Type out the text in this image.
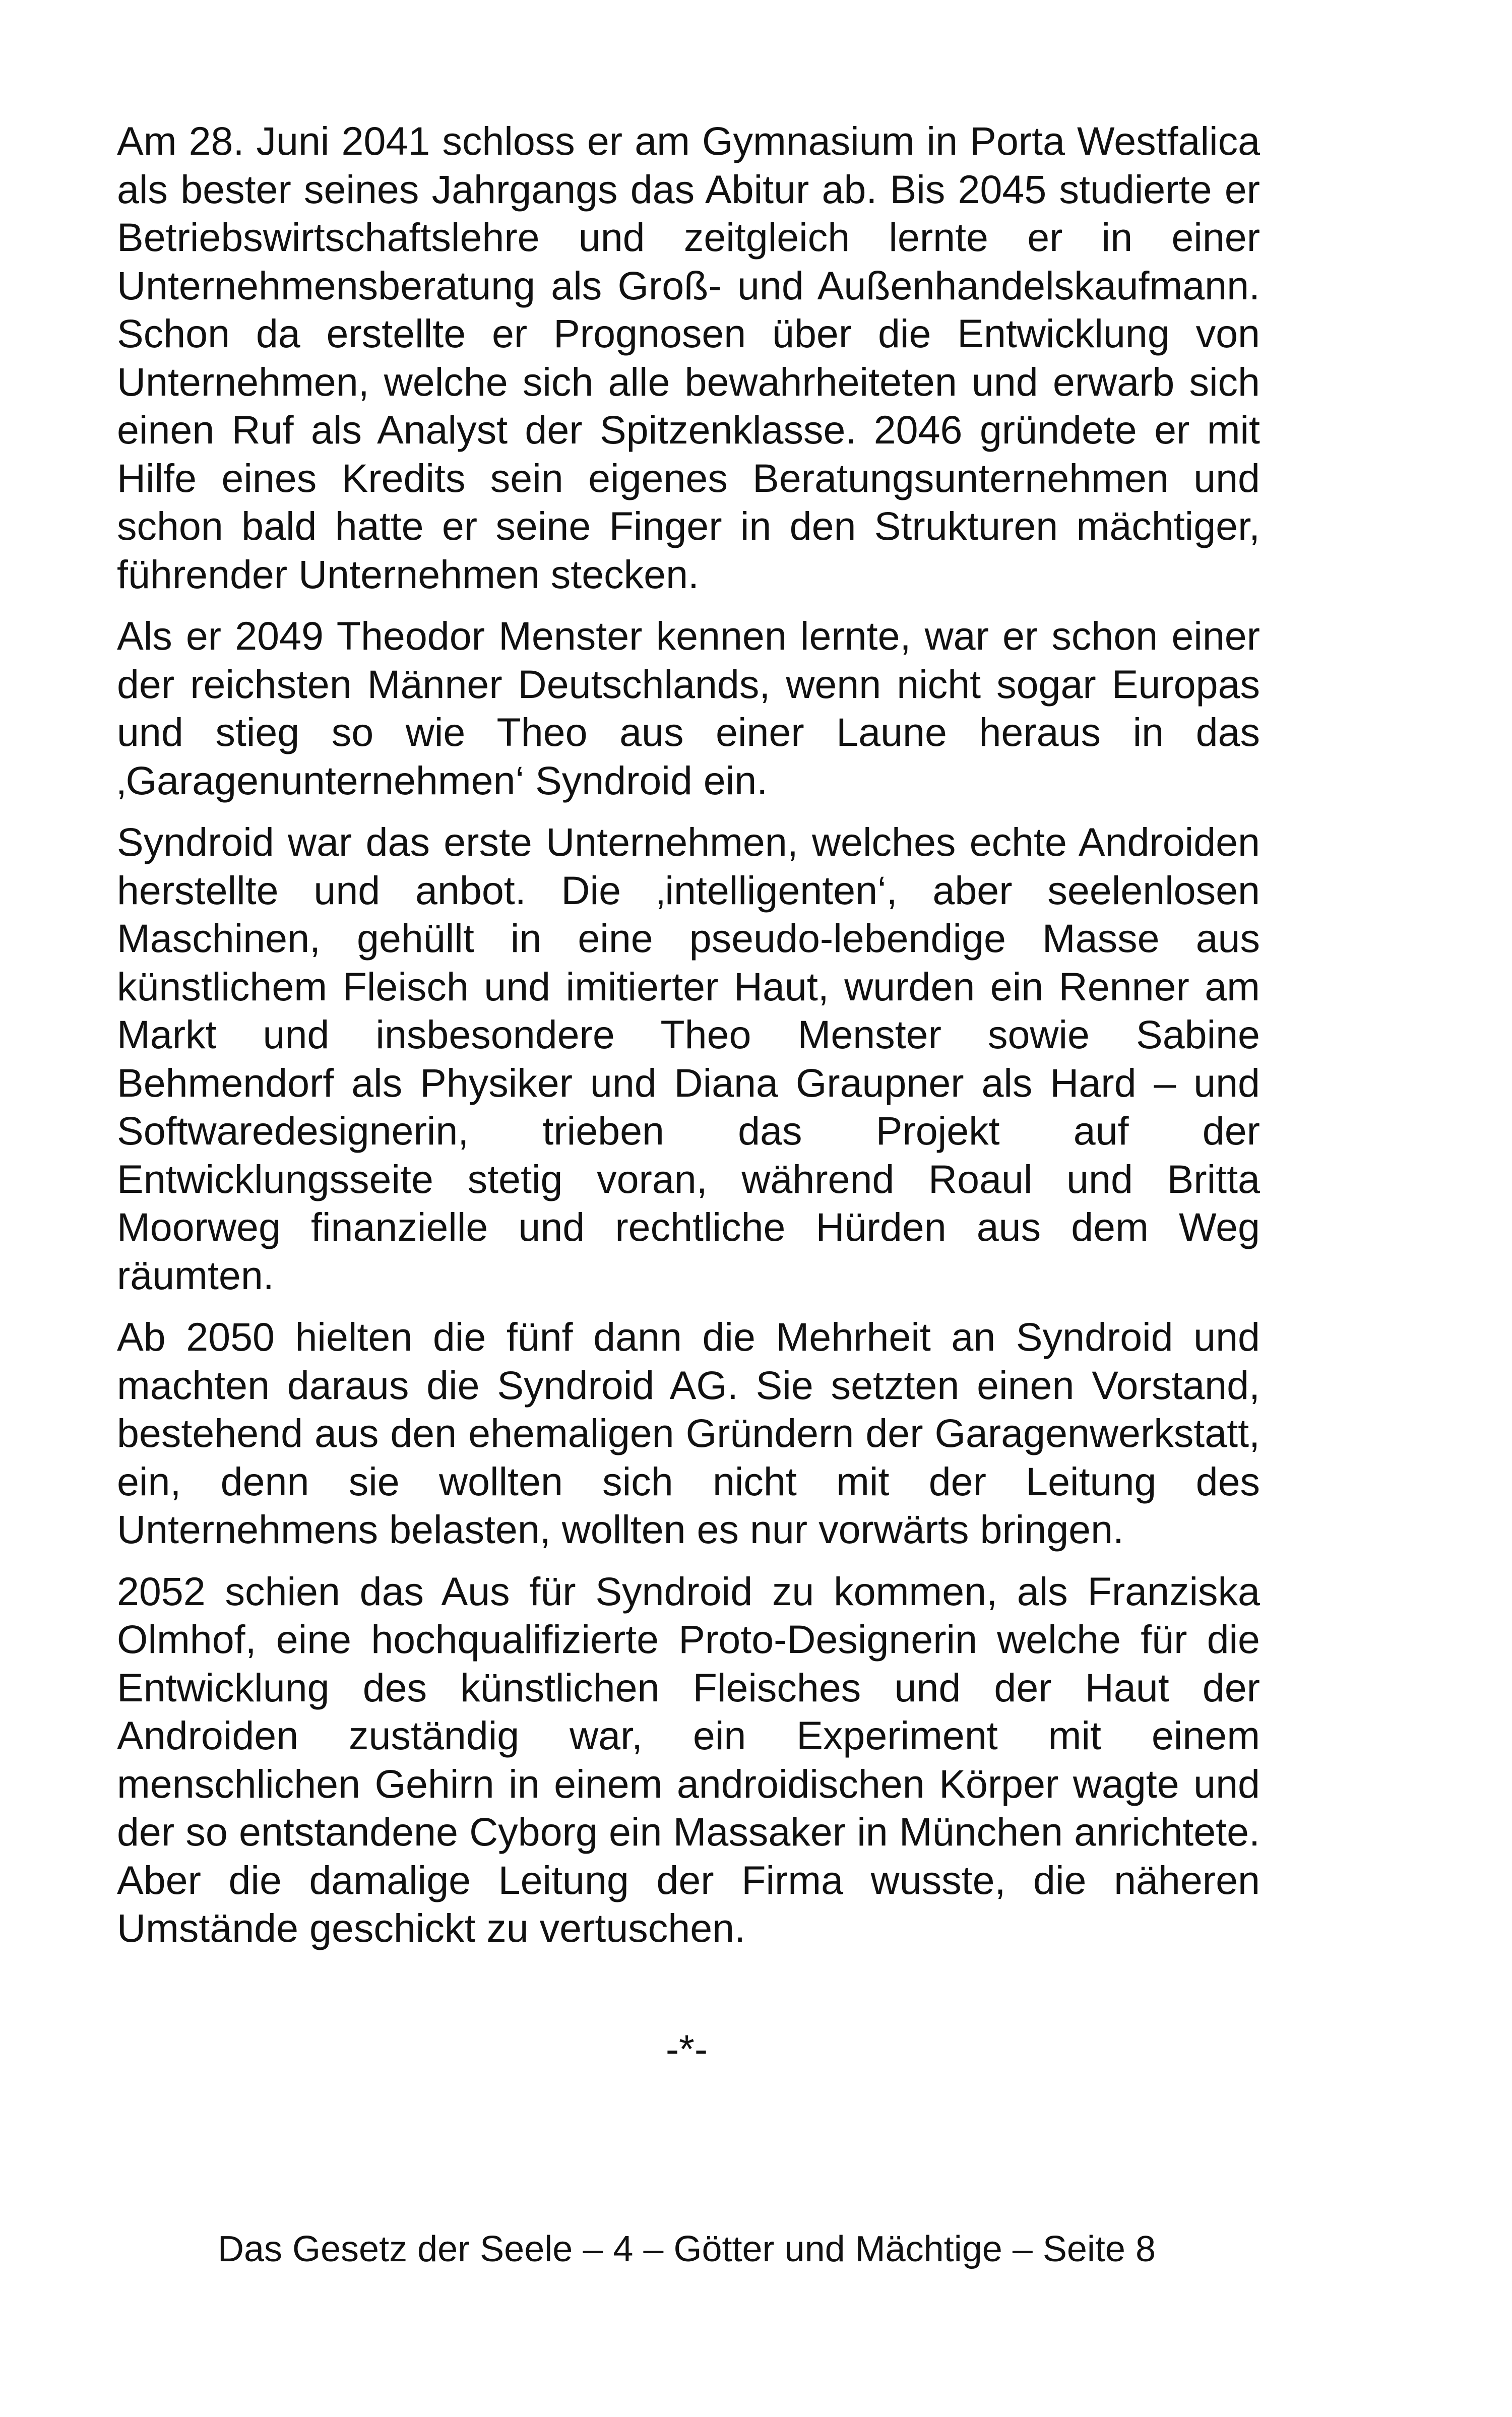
Am 28. Juni 2041 schloss er am Gymnasium in Porta Westfalica als bester seines Jahrgangs das Abitur ab. Bis 2045 studierte er Betriebswirtschaftslehre und zeitgleich lernte er in einer Unternehmensberatung als Groß- und Außenhandelskaufmann. Schon da erstellte er Prognosen über die Entwicklung von Unternehmen, welche sich alle bewahrheiteten und erwarb sich einen Ruf als Analyst der Spitzenklasse. 2046 gründete er mit Hilfe eines Kredits sein eigenes Beratungsunternehmen und schon bald hatte er seine Finger in den Strukturen mächtiger, führender Unternehmen stecken.

Als er 2049 Theodor Menster kennen lernte, war er schon einer der reichsten Männer Deutschlands, wenn nicht sogar Europas und stieg so wie Theo aus einer Laune heraus in das ‚Garagenunternehmen‘ Syndroid ein.

Syndroid war das erste Unternehmen, welches echte Androiden herstellte und anbot. Die ‚intelligenten‘, aber seelenlosen Maschinen, gehüllt in eine pseudo-lebendige Masse aus künstlichem Fleisch und imitierter Haut, wurden ein Renner am Markt und insbesondere Theo Menster sowie Sabine Behmendorf als Physiker und Diana Graupner als Hard – und Softwaredesignerin, trieben das Projekt auf der Entwicklungsseite stetig voran, während Roaul und Britta Moorweg finanzielle und rechtliche Hürden aus dem Weg räumten.

Ab 2050 hielten die fünf dann die Mehrheit an Syndroid und machten daraus die Syndroid AG. Sie setzten einen Vorstand, bestehend aus den ehemaligen Gründern der Garagenwerkstatt, ein, denn sie wollten sich nicht mit der Leitung des Unternehmens belasten, wollten es nur vorwärts bringen.

2052 schien das Aus für Syndroid zu kommen, als Franziska Olmhof, eine hochqualifizierte Proto-Designerin welche für die Entwicklung des künstlichen Fleisches und der Haut der Androiden zuständig war, ein Experiment mit einem menschlichen Gehirn in einem androidischen Körper wagte und der so entstandene Cyborg ein Massaker in München anrichtete. Aber die damalige Leitung der Firma wusste, die näheren Umstände geschickt zu vertuschen.

-*-
Das Gesetz der Seele – 4 – Götter und Mächtige – Seite 8
